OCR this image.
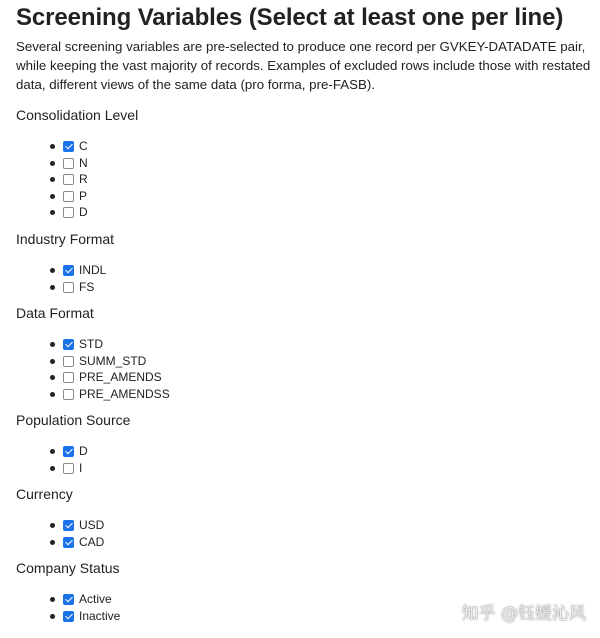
Screening Variables (Select at least one per line)

Several screening variables are pre-selected to produce one record per GVKEY-DATADATE pair, while keeping the vast majority of records. Examples of excluded rows include those with restated data, different views of the same data (pro forma, pre-FASB).

Consolidation Level
C
N
R
P
D
Industry Format
INDL
FS
Data Format
STD
SUMM_STD
PRE_AMENDS
PRE_AMENDSS
Population Source
D
I
Currency
USD
CAD
Company Status
Active
Inactive	知乎 @钰媛沁风
